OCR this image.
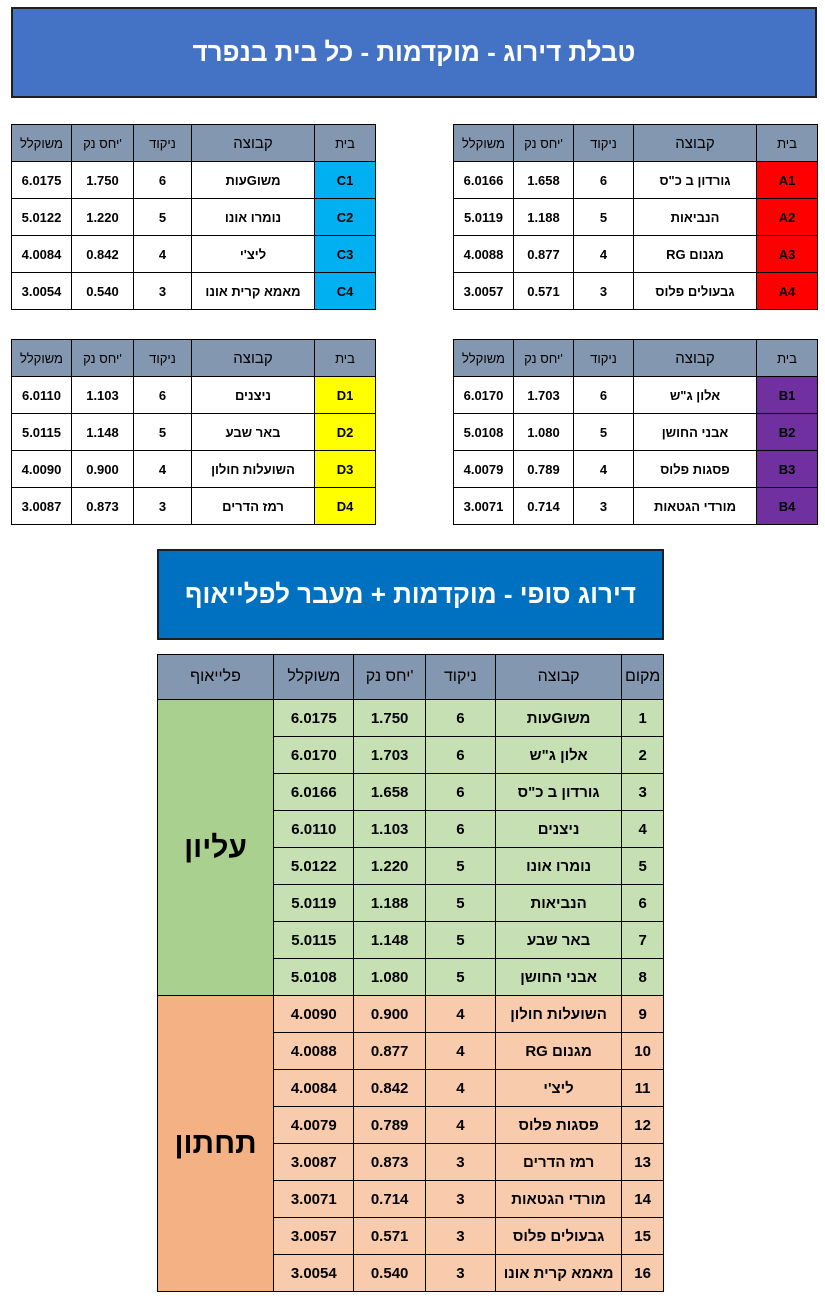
טבלת דירוג - מוקדמות - כל בית בנפרד
משוקלל	יחס נק'	ניקוד	קבוצה	בית
6.0175	1.750	6	עותGמשו	C1
5.0122	1.220	5	נומרו אונו	C2
4.0084	0.842	4	ליצ'י	C3
3.0054	0.540	3	מאמא קרית אונו	C4
משוקלל	יחס נק'	ניקוד	קבוצה	בית
6.0166	1.658	6	גורדון ב כ"ס	A1
5.0119	1.188	5	הנביאות	A2
4.0088	0.877	4	RG מגנום	A3
3.0057	0.571	3	גבעולים פלוס	A4
משוקלל	יחס נק'	ניקוד	קבוצה	בית
6.0110	1.103	6	ניצנים	D1
5.0115	1.148	5	באר שבע	D2
4.0090	0.900	4	השועלות חולון	D3
3.0087	0.873	3	רמז הדרים	D4
משוקלל	יחס נק'	ניקוד	קבוצה	בית
6.0170	1.703	6	אלון ג"ש	B1
5.0108	1.080	5	אבני החושן	B2
4.0079	0.789	4	פסגות פלוס	B3
3.0071	0.714	3	מורדי הגטאות	B4
דירוג סופי - מוקדמות + מעבר לפלייאוף
פלייאוף	משוקלל	יחס נק'	ניקוד	קבוצה	מקום
עליון	6.0175	1.750	6	עותGמשו	1
	6.0170	1.703	6	אלון ג"ש	2
	6.0166	1.658	6	גורדון ב כ"ס	3
	6.0110	1.103	6	ניצנים	4
	5.0122	1.220	5	נומרו אונו	5
	5.0119	1.188	5	הנביאות	6
	5.0115	1.148	5	באר שבע	7
	5.0108	1.080	5	אבני החושן	8
תחתון	4.0090	0.900	4	השועלות חולון	9
	4.0088	0.877	4	RG מגנום	10
	4.0084	0.842	4	ליצ'י	11
	4.0079	0.789	4	פסגות פלוס	12
	3.0087	0.873	3	רמז הדרים	13
	3.0071	0.714	3	מורדי הגטאות	14
	3.0057	0.571	3	גבעולים פלוס	15
	3.0054	0.540	3	מאמא קרית אונו	16
